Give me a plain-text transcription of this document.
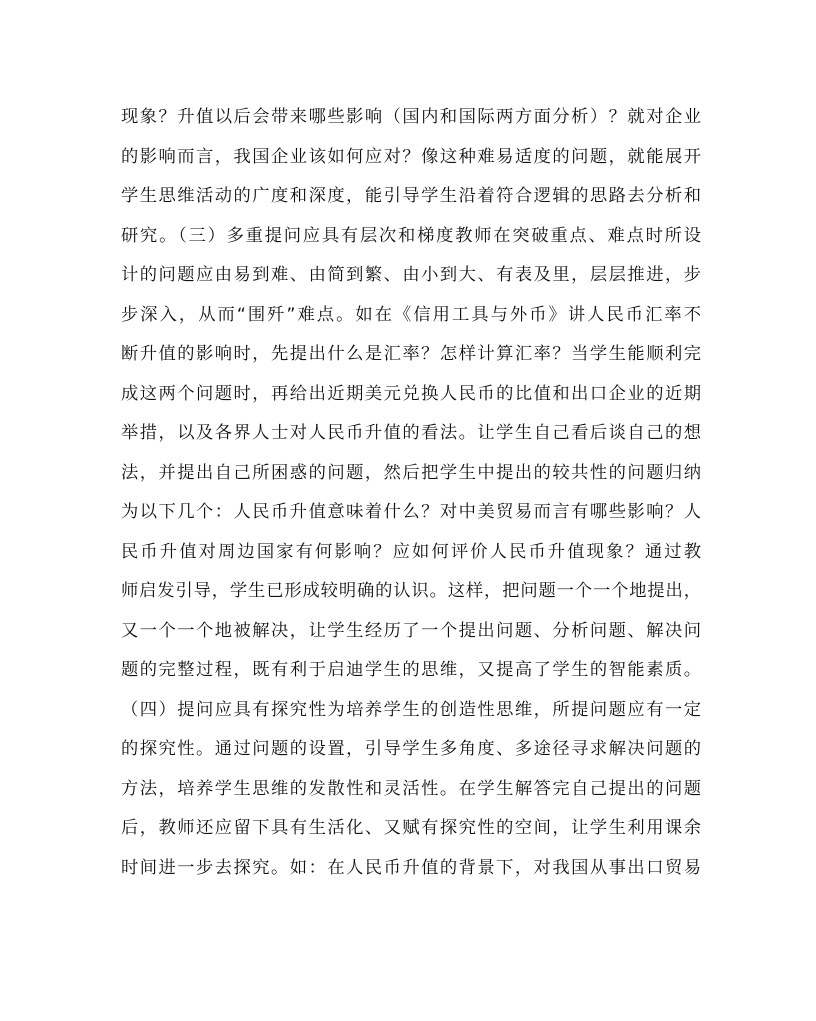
现象？升值以后会带来哪些影响（国内和国际两方面分析）？就对企业
的影响而言，我国企业该如何应对？像这种难易适度的问题，就能展开
学生思维活动的广度和深度，能引导学生沿着符合逻辑的思路去分析和
研究。（三）多重提问应具有层次和梯度教师在突破重点、难点时所设
计的问题应由易到难、由简到繁、由小到大、有表及里，层层推进，步
步深入，从而“围歼”难点。如在《信用工具与外币》讲人民币汇率不
断升值的影响时，先提出什么是汇率？怎样计算汇率？当学生能顺利完
成这两个问题时，再给出近期美元兑换人民币的比值和出口企业的近期
举措，以及各界人士对人民币升值的看法。让学生自己看后谈自己的想
法，并提出自己所困惑的问题，然后把学生中提出的较共性的问题归纳
为以下几个：人民币升值意味着什么？对中美贸易而言有哪些影响？人
民币升值对周边国家有何影响？应如何评价人民币升值现象？通过教
师启发引导，学生已形成较明确的认识。这样，把问题一个一个地提出，
又一个一个地被解决，让学生经历了一个提出问题、分析问题、解决问
题的完整过程，既有利于启迪学生的思维，又提高了学生的智能素质。
（四）提问应具有探究性为培养学生的创造性思维，所提问题应有一定
的探究性。通过问题的设置，引导学生多角度、多途径寻求解决问题的
方法，培养学生思维的发散性和灵活性。在学生解答完自己提出的问题
后，教师还应留下具有生活化、又赋有探究性的空间，让学生利用课余
时间进一步去探究。如：在人民币升值的背景下，对我国从事出口贸易
